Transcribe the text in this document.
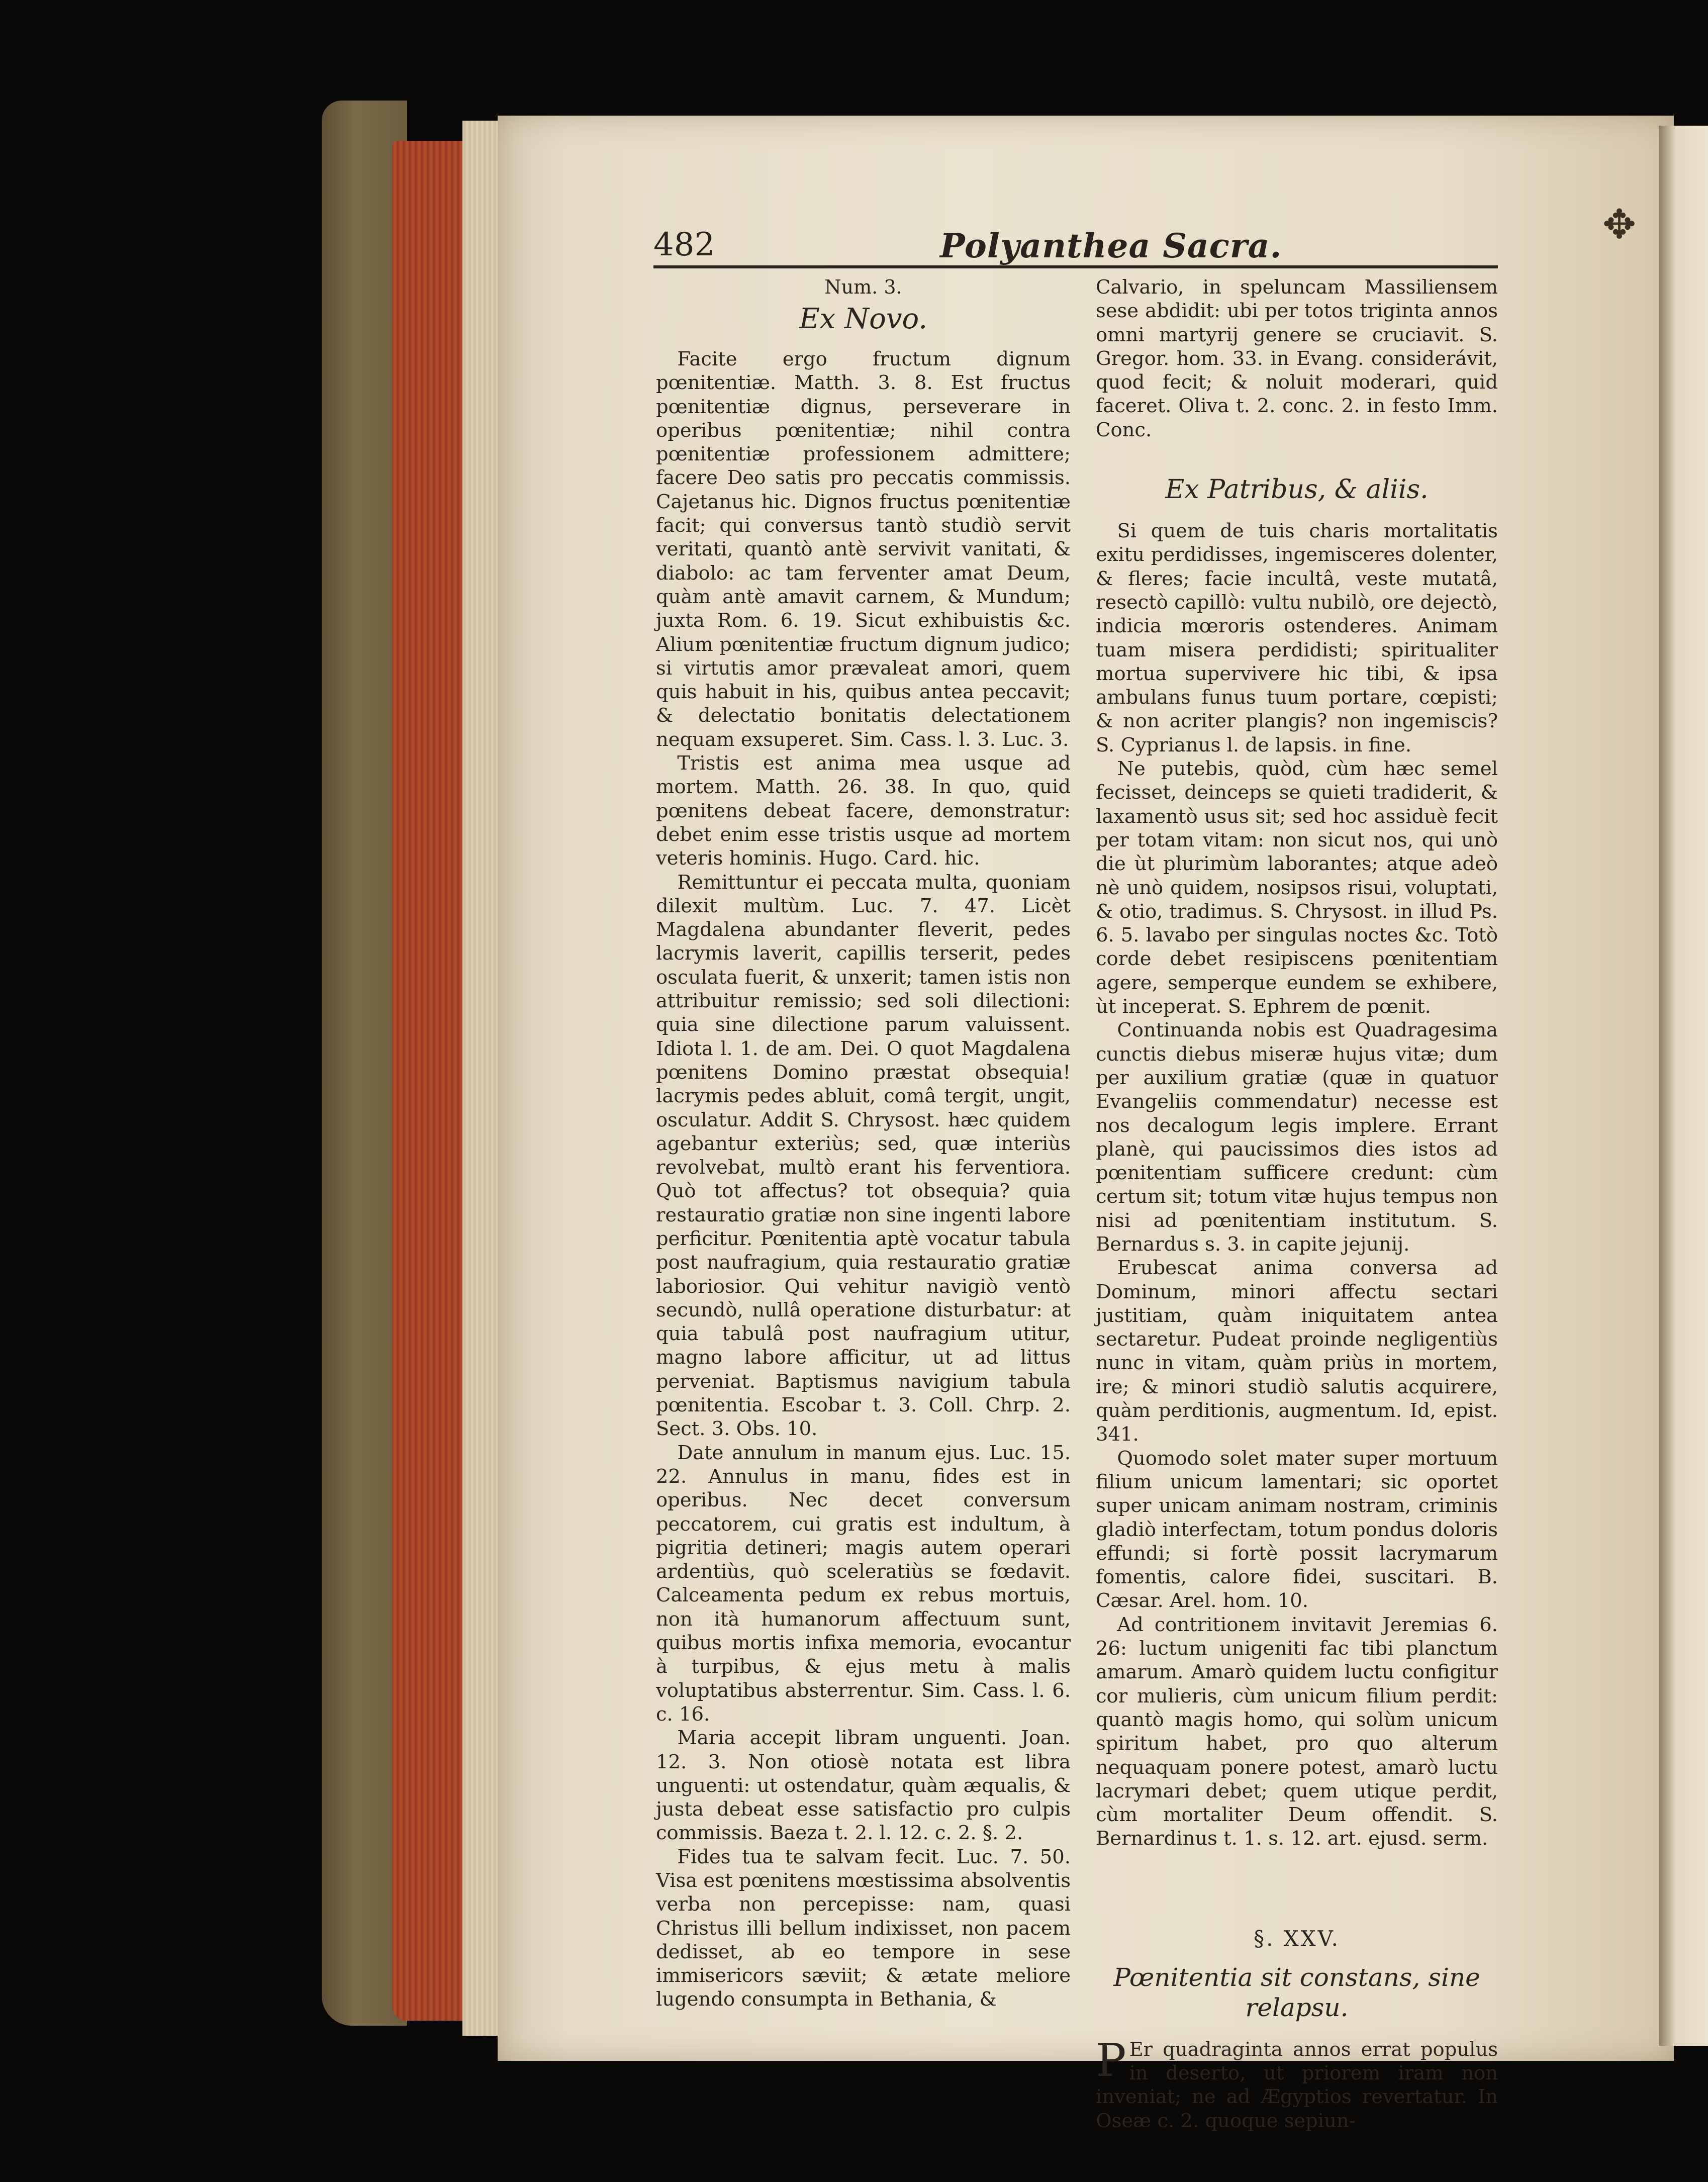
✥
482	Polyanthea Sacra.
Num. 3.
Ex Novo.

Facite ergo fructum dignum pœnitentiæ. Matth. 3. 8. Est fructus pœnitentiæ dignus, perseverare in operibus pœnitentiæ; nihil contra pœnitentiæ professionem admittere; facere Deo satis pro peccatis commissis. Cajetanus hic. Dignos fructus pœnitentiæ facit; qui conversus tantò studiò servit veritati, quantò antè servivit vanitati, & diabolo: ac tam ferventer amat Deum, quàm antè amavit carnem, & Mundum; juxta Rom. 6. 19. Sicut exhibuistis &c. Alium pœnitentiæ fructum dignum judico; si virtutis amor prævaleat amori, quem quis habuit in his, quibus antea peccavit; & delectatio bonitatis delectationem nequam exsuperet. Sim. Cass. l. 3. Luc. 3.

Tristis est anima mea usque ad mortem. Matth. 26. 38. In quo, quid pœnitens debeat facere, demonstratur: debet enim esse tristis usque ad mortem veteris hominis. Hugo. Card. hic.

Remittuntur ei peccata multa, quoniam dilexit multùm. Luc. 7. 47. Licèt Magdalena abundanter fleverit, pedes lacrymis laverit, capillis terserit, pedes osculata fuerit, & unxerit; tamen istis non attribuitur remissio; sed soli dilectioni: quia sine dilectione parum valuissent. Idiota l. 1. de am. Dei. O quot Magdalena pœnitens Domino præstat obsequia! lacrymis pedes abluit, comâ tergit, ungit, osculatur. Addit S. Chrysost. hæc quidem agebantur exteriùs; sed, quæ interiùs revolvebat, multò erant his ferventiora. Quò tot affectus? tot obsequia? quia restauratio gratiæ non sine ingenti labore perficitur. Pœnitentia aptè vocatur tabula post naufragium, quia restauratio gratiæ laboriosior. Qui vehitur navigiò ventò secundò, nullâ operatione disturbatur: at quia tabulâ post naufragium utitur, magno labore afficitur, ut ad littus perveniat. Baptismus navigium tabula pœnitentia. Escobar t. 3. Coll. Chrp. 2. Sect. 3. Obs. 10.

Date annulum in manum ejus. Luc. 15. 22. Annulus in manu, fides est in operibus. Nec decet conversum peccatorem, cui gratis est indultum, à pigritia detineri; magis autem operari ardentiùs, quò sceleratiùs se fœdavit. Calceamenta pedum ex rebus mortuis, non ità humanorum affectuum sunt, quibus mortis infixa memoria, evocantur à turpibus, & ejus metu à malis voluptatibus absterrentur. Sim. Cass. l. 6. c. 16.

Maria accepit libram unguenti. Joan. 12. 3. Non otiosè notata est libra unguenti: ut ostendatur, quàm æqualis, & justa debeat esse satisfactio pro culpis commissis. Baeza t. 2. l. 12. c. 2. §. 2.

Fides tua te salvam fecit. Luc. 7. 50. Visa est pœnitens mœstissima absolventis verba non percepisse: nam, quasi Christus illi bellum indixisset, non pacem dedisset, ab eo tempore in sese immisericors sæviit; & ætate meliore lugendo consumpta in Bethania, &

Calvario, in speluncam Massiliensem sese abdidit: ubi per totos triginta annos omni martyrij genere se cruciavit. S. Gregor. hom. 33. in Evang. considerávit, quod fecit; & noluit moderari, quid faceret. Oliva t. 2. conc. 2. in festo Imm. Conc.

Ex Patribus, & aliis.

Si quem de tuis charis mortalitatis exitu perdidisses, ingemisceres dolenter, & fleres; facie incultâ, veste mutatâ, resectò capillò: vultu nubilò, ore dejectò, indicia mœroris ostenderes. Animam tuam misera perdidisti; spiritualiter mortua supervivere hic tibi, & ipsa ambulans funus tuum portare, cœpisti; & non acriter plangis? non ingemiscis? S. Cyprianus l. de lapsis. in fine.

Ne putebis, quòd, cùm hæc semel fecisset, deinceps se quieti tradiderit, & laxamentò usus sit; sed hoc assiduè fecit per totam vitam: non sicut nos, qui unò die ùt plurimùm laborantes; atque adeò nè unò quidem, nosipsos risui, voluptati, & otio, tradimus. S. Chrysost. in illud Ps. 6. 5. lavabo per singulas noctes &c. Totò corde debet resipiscens pœnitentiam agere, semperque eundem se exhibere, ùt inceperat. S. Ephrem de pœnit.

Continuanda nobis est Quadragesima cunctis diebus miseræ hujus vitæ; dum per auxilium gratiæ (quæ in quatuor Evangeliis commendatur) necesse est nos decalogum legis implere. Errant planè, qui paucissimos dies istos ad pœnitentiam sufficere credunt: cùm certum sit; totum vitæ hujus tempus non nisi ad pœnitentiam institutum. S. Bernardus s. 3. in capite jejunij.

Erubescat anima conversa ad Dominum, minori affectu sectari justitiam, quàm iniquitatem antea sectaretur. Pudeat proinde negligentiùs nunc in vitam, quàm priùs in mortem, ire; & minori studiò salutis acquirere, quàm perditionis, augmentum. Id, epist. 341.

Quomodo solet mater super mortuum filium unicum lamentari; sic oportet super unicam animam nostram, criminis gladiò interfectam, totum pondus doloris effundi; si fortè possit lacrymarum fomentis, calore fidei, suscitari. B. Cæsar. Arel. hom. 10.

Ad contritionem invitavit Jeremias 6. 26: luctum unigeniti fac tibi planctum amarum. Amarò quidem luctu configitur cor mulieris, cùm unicum filium perdit: quantò magis homo, qui solùm unicum spiritum habet, pro quo alterum nequaquam ponere potest, amarò luctu lacrymari debet; quem utique perdit, cùm mortaliter Deum offendit. S. Bernardinus t. 1. s. 12. art. ejusd. serm.

§. XXV.
Pœnitentia sit constans, sine relapsu.

P Er quadraginta annos errat populus in deserto, ut priorem iram non inveniat; ne ad Ægyptios revertatur. In Oseæ c. 2. quoque sepiun-
